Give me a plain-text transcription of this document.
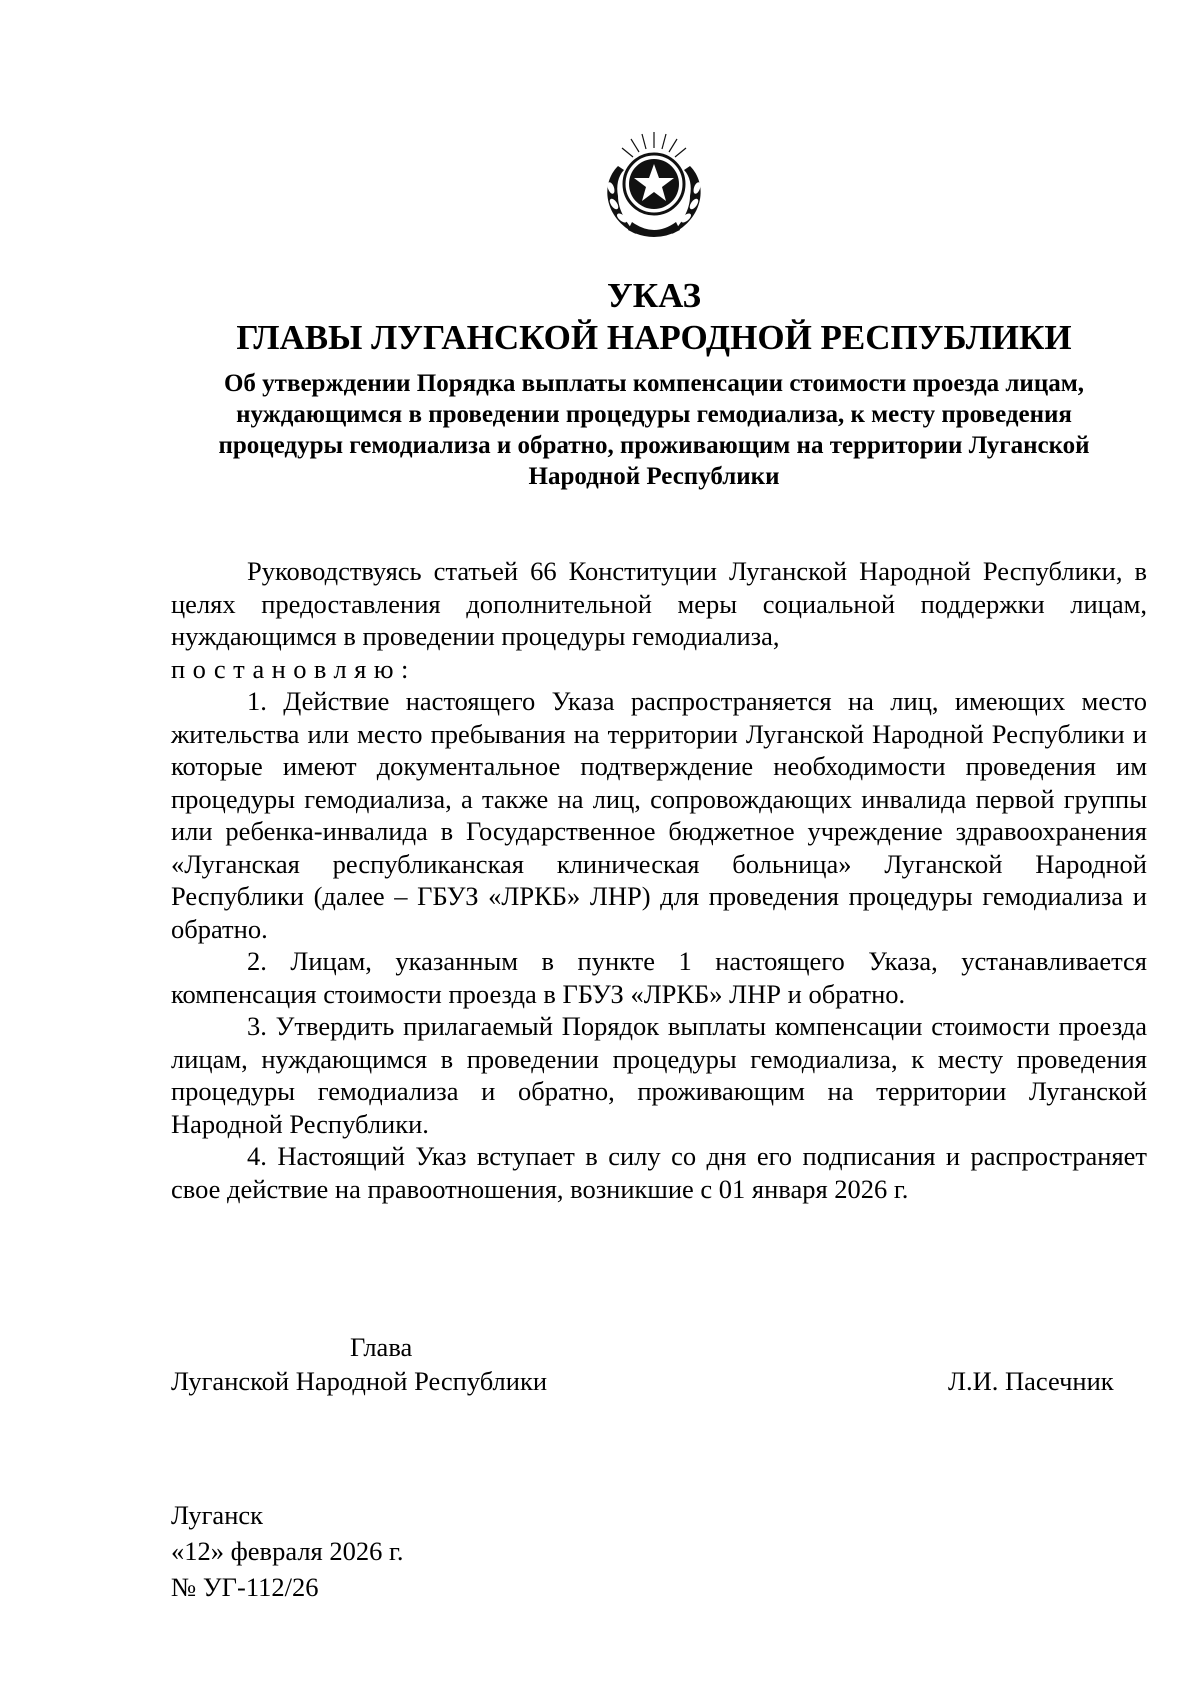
УКАЗ
ГЛАВЫ ЛУГАНСКОЙ НАРОДНОЙ РЕСПУБЛИКИ

Об утверждении Порядка выплаты компенсации стоимости проезда лицам, нуждающимся в проведении процедуры гемодиализа, к месту проведения процедуры гемодиализа и обратно, проживающим на территории Луганской Народной Республики

Руководствуясь статьей 66 Конституции Луганской Народной Республики, в целях предоставления дополнительной меры социальной поддержки лицам, нуждающимся в проведении процедуры гемодиализа,

постановляю:

1. Действие настоящего Указа распространяется на лиц, имеющих место жительства или место пребывания на территории Луганской Народной Республики и которые имеют документальное подтверждение необходимости проведения им процедуры гемодиализа, а также на лиц, сопровождающих инвалида первой группы или ребенка-инвалида в Государственное бюджетное учреждение здравоохранения «Луганская республиканская клиническая больница» Луганской Народной Республики (далее – ГБУЗ «ЛРКБ» ЛНР) для проведения процедуры гемодиализа и обратно.

2. Лицам, указанным в пункте 1 настоящего Указа, устанавливается компенсация стоимости проезда в ГБУЗ «ЛРКБ» ЛНР и обратно.

3. Утвердить прилагаемый Порядок выплаты компенсации стоимости проезда лицам, нуждающимся в проведении процедуры гемодиализа, к месту проведения процедуры гемодиализа и обратно, проживающим на территории Луганской Народной Республики.

4. Настоящий Указ вступает в силу со дня его подписания и распространяет свое действие на правоотношения, возникшие с 01 января 2026 г.

Глава

Луганской Народной Республики	Л.И. Пасечник

Луганск
«12» февраля 2026 г.
№ УГ-112/26
